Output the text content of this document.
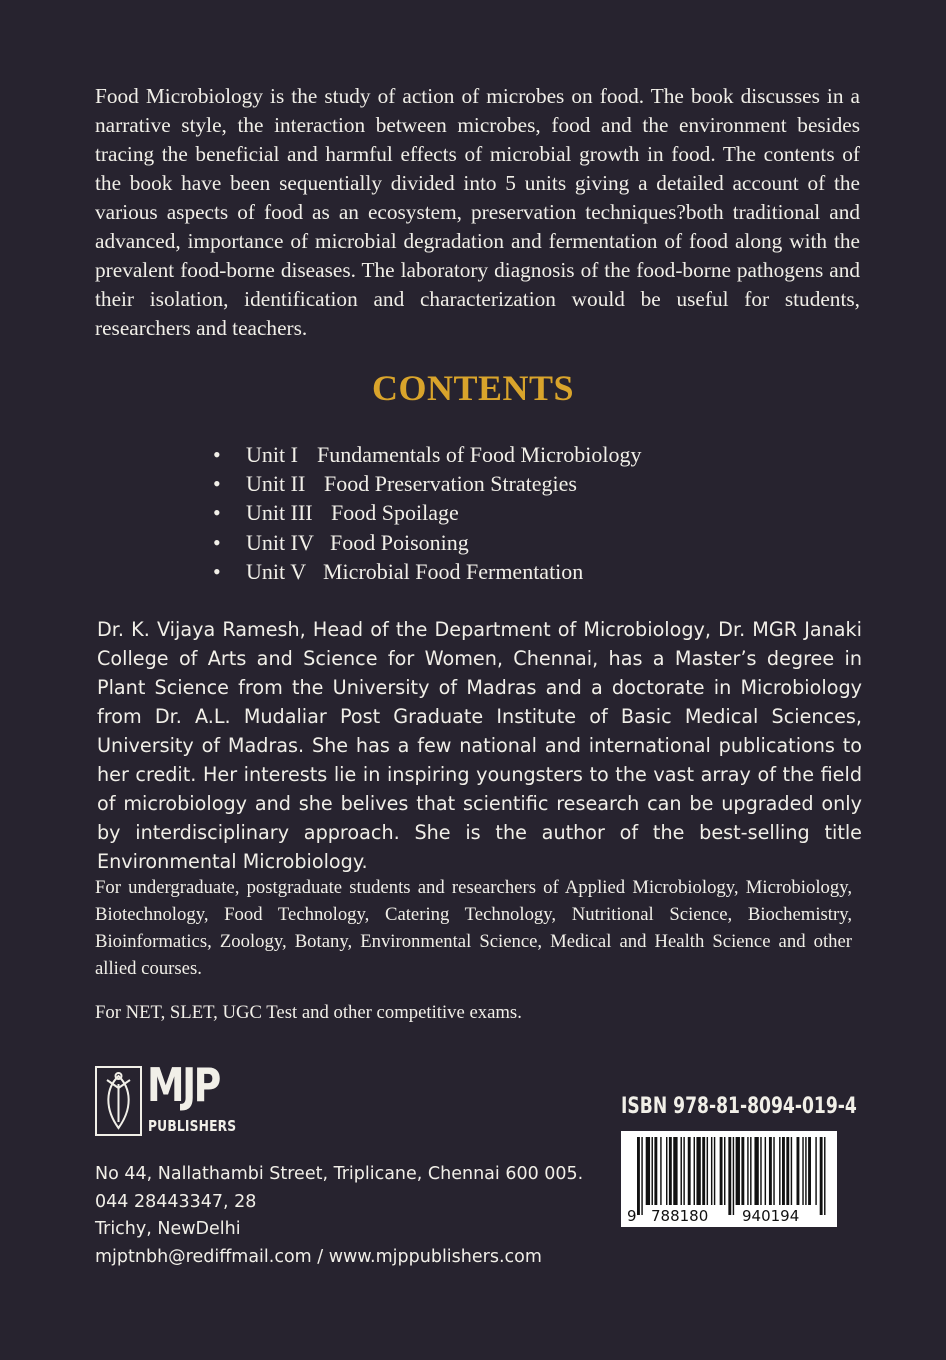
Food Microbiology is the study of action of microbes on food. The book discusses in a narrative style, the interaction between microbes, food and the environment besides tracing the beneficial and harmful effects of microbial growth in food. The contents of the book have been sequentially divided into 5 units giving a detailed account of the various aspects of food as an ecosystem, preservation techniques?both traditional and advanced, importance of microbial degradation and fermentation of food along with the prevalent food-borne diseases. The laboratory diagnosis of the food-borne pathogens and their isolation, identification and characterization would be useful for students, researchers and teachers.

CONTENTS
• Unit I Fundamentals of Food Microbiology
• Unit II Food Preservation Strategies
• Unit III Food Spoilage
• Unit IV Food Poisoning
• Unit V Microbial Food Fermentation

Dr. K. Vijaya Ramesh, Head of the Department of Microbiology, Dr. MGR Janaki College of Arts and Science for Women, Chennai, has a Master’s degree in Plant Science from the University of Madras and a doctorate in Microbiology from Dr. A.L. Mudaliar Post Graduate Institute of Basic Medical Sciences, University of Madras. She has a few national and international publications to her credit. Her interests lie in inspiring youngsters to the vast array of the field of microbiology and she belives that scientific research can be upgraded only by interdisciplinary approach. She is the author of the best-selling title Environmental Microbiology.

For undergraduate, postgraduate students and researchers of Applied Microbiology, Microbiology, Biotechnology, Food Technology, Catering Technology, Nutritional Science, Biochemistry, Bioinformatics, Zoology, Botany, Environmental Science, Medical and Health Science and other allied courses.

For NET, SLET, UGC Test and other competitive exams.

MJP
PUBLISHERS
No 44, Nallathambi Street, Triplicane, Chennai 600 005.
044 28443347, 28
Trichy, NewDelhi
mjptnbh@rediffmail.com / www.mjppublishers.com
ISBN 978-81-8094-019-4
9 788180 940194
